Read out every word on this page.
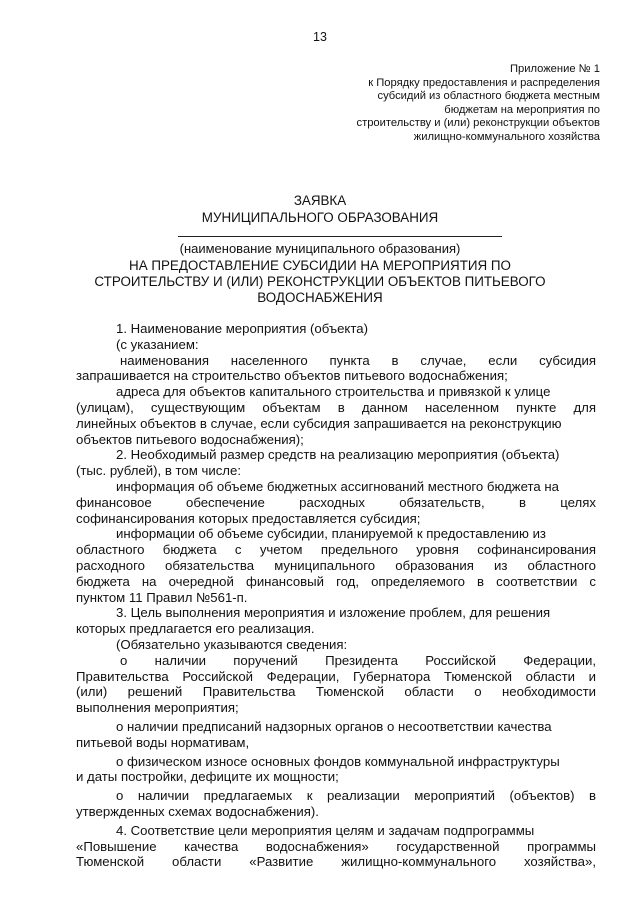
13
Приложение № 1
к Порядку предоставления и распределения
субсидий из областного бюджета местным
бюджетам на мероприятия по
строительству и (или) реконструкции объектов
жилищно-коммунального хозяйства
ЗАЯВКА
МУНИЦИПАЛЬНОГО ОБРАЗОВАНИЯ
(наименование муниципального образования)
НА ПРЕДОСТАВЛЕНИЕ СУБСИДИИ НА МЕРОПРИЯТИЯ ПО
СТРОИТЕЛЬСТВУ И (ИЛИ) РЕКОНСТРУКЦИИ ОБЪЕКТОВ ПИТЬЕВОГО
ВОДОСНАБЖЕНИЯ
1. Наименование мероприятия (объекта)
(с указанием:
наименования населенного пункта в случае, если субсидия
запрашивается на строительство объектов питьевого водоснабжения;
адреса для объектов капитального строительства и привязкой к улице
(улицам), существующим объектам в данном населенном пункте для
линейных объектов в случае, если субсидия запрашивается на реконструкцию
объектов питьевого водоснабжения);
2. Необходимый размер средств на реализацию мероприятия (объекта)
(тыс. рублей), в том числе:
информация об объеме бюджетных ассигнований местного бюджета на
финансовое обеспечение расходных обязательств, в целях
софинансирования которых предоставляется субсидия;
информации об объеме субсидии, планируемой к предоставлению из
областного бюджета с учетом предельного уровня софинансирования
расходного обязательства муниципального образования из областного
бюджета на очередной финансовый год, определяемого в соответствии с
пунктом 11 Правил №561-п.
3. Цель выполнения мероприятия и изложение проблем, для решения
которых предлагается его реализация.
(Обязательно указываются сведения:
о наличии поручений Президента Российской Федерации,
Правительства Российской Федерации, Губернатора Тюменской области и
(или) решений Правительства Тюменской области о необходимости
выполнения мероприятия;
о наличии предписаний надзорных органов о несоответствии качества
питьевой воды нормативам,
о физическом износе основных фондов коммунальной инфраструктуры
и даты постройки, дефиците их мощности;
о наличии предлагаемых к реализации мероприятий (объектов) в
утвержденных схемах водоснабжения).
4. Соответствие цели мероприятия целям и задачам подпрограммы
«Повышение качества водоснабжения» государственной программы
Тюменской области «Развитие жилищно-коммунального хозяйства»,
